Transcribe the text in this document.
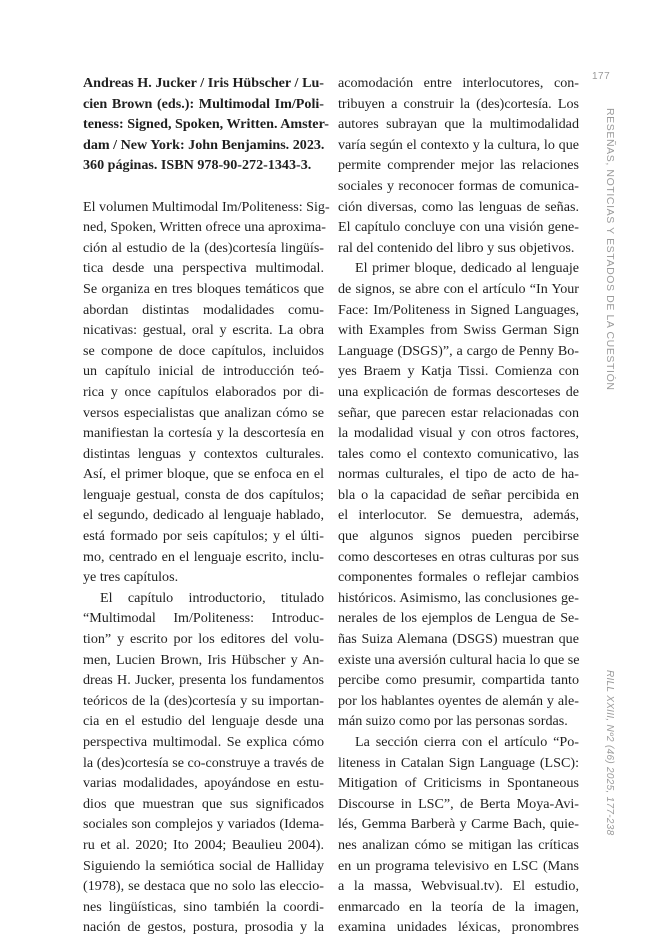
177
RESEÑAS, NOTICIAS Y ESTADOS DE LA CUESTIÓN
RILL XXIII, Nº2 (46) 2025, 177-238
Andreas H. Jucker / Iris Hübscher / Lu-
cien Brown (eds.): Multimodal Im/Poli-
teness: Signed, Spoken, Written. Amster-
dam / New York: John Benjamins. 2023.
360 páginas. ISBN 978-90-272-1343-3.
El volumen Multimodal Im/Politeness: Sig-
ned, Spoken, Written ofrece una aproxima-
ción al estudio de la (des)cortesía lingüís-
tica desde una perspectiva multimodal.
Se organiza en tres bloques temáticos que
abordan distintas modalidades comu-
nicativas: gestual, oral y escrita. La obra
se compone de doce capítulos, incluidos
un capítulo inicial de introducción teó-
rica y once capítulos elaborados por di-
versos especialistas que analizan cómo se
manifiestan la cortesía y la descortesía en
distintas lenguas y contextos culturales.
Así, el primer bloque, que se enfoca en el
lenguaje gestual, consta de dos capítulos;
el segundo, dedicado al lenguaje hablado,
está formado por seis capítulos; y el últi-
mo, centrado en el lenguaje escrito, inclu-
ye tres capítulos.
El capítulo introductorio, titulado
“Multimodal Im/Politeness: Introduc-
tion” y escrito por los editores del volu-
men, Lucien Brown, Iris Hübscher y An-
dreas H. Jucker, presenta los fundamentos
teóricos de la (des)cortesía y su importan-
cia en el estudio del lenguaje desde una
perspectiva multimodal. Se explica cómo
la (des)cortesía se co-construye a través de
varias modalidades, apoyándose en estu-
dios que muestran que sus significados
sociales son complejos y variados (Idema-
ru et al. 2020; Ito 2004; Beaulieu 2004).
Siguiendo la semiótica social de Halliday
(1978), se destaca que no solo las eleccio-
nes lingüísticas, sino también la coordi-
nación de gestos, postura, prosodia y la
acomodación entre interlocutores, con-
tribuyen a construir la (des)cortesía. Los
autores subrayan que la multimodalidad
varía según el contexto y la cultura, lo que
permite comprender mejor las relaciones
sociales y reconocer formas de comunica-
ción diversas, como las lenguas de señas.
El capítulo concluye con una visión gene-
ral del contenido del libro y sus objetivos.
El primer bloque, dedicado al lenguaje
de signos, se abre con el artículo “In Your
Face: Im/Politeness in Signed Languages,
with Examples from Swiss German Sign
Language (DSGS)”, a cargo de Penny Bo-
yes Braem y Katja Tissi. Comienza con
una explicación de formas descorteses de
señar, que parecen estar relacionadas con
la modalidad visual y con otros factores,
tales como el contexto comunicativo, las
normas culturales, el tipo de acto de ha-
bla o la capacidad de señar percibida en
el interlocutor. Se demuestra, además,
que algunos signos pueden percibirse
como descorteses en otras culturas por sus
componentes formales o reflejar cambios
históricos. Asimismo, las conclusiones ge-
nerales de los ejemplos de Lengua de Se-
ñas Suiza Alemana (DSGS) muestran que
existe una aversión cultural hacia lo que se
percibe como presumir, compartida tanto
por los hablantes oyentes de alemán y ale-
mán suizo como por las personas sordas.
La sección cierra con el artículo “Po-
liteness in Catalan Sign Language (LSC):
Mitigation of Criticisms in Spontaneous
Discourse in LSC”, de Berta Moya-Avi-
lés, Gemma Barberà y Carme Bach, quie-
nes analizan cómo se mitigan las críticas
en un programa televisivo en LSC (Mans
a la massa, Webvisual.tv). El estudio,
enmarcado en la teoría de la imagen,
examina unidades léxicas, pronombres
